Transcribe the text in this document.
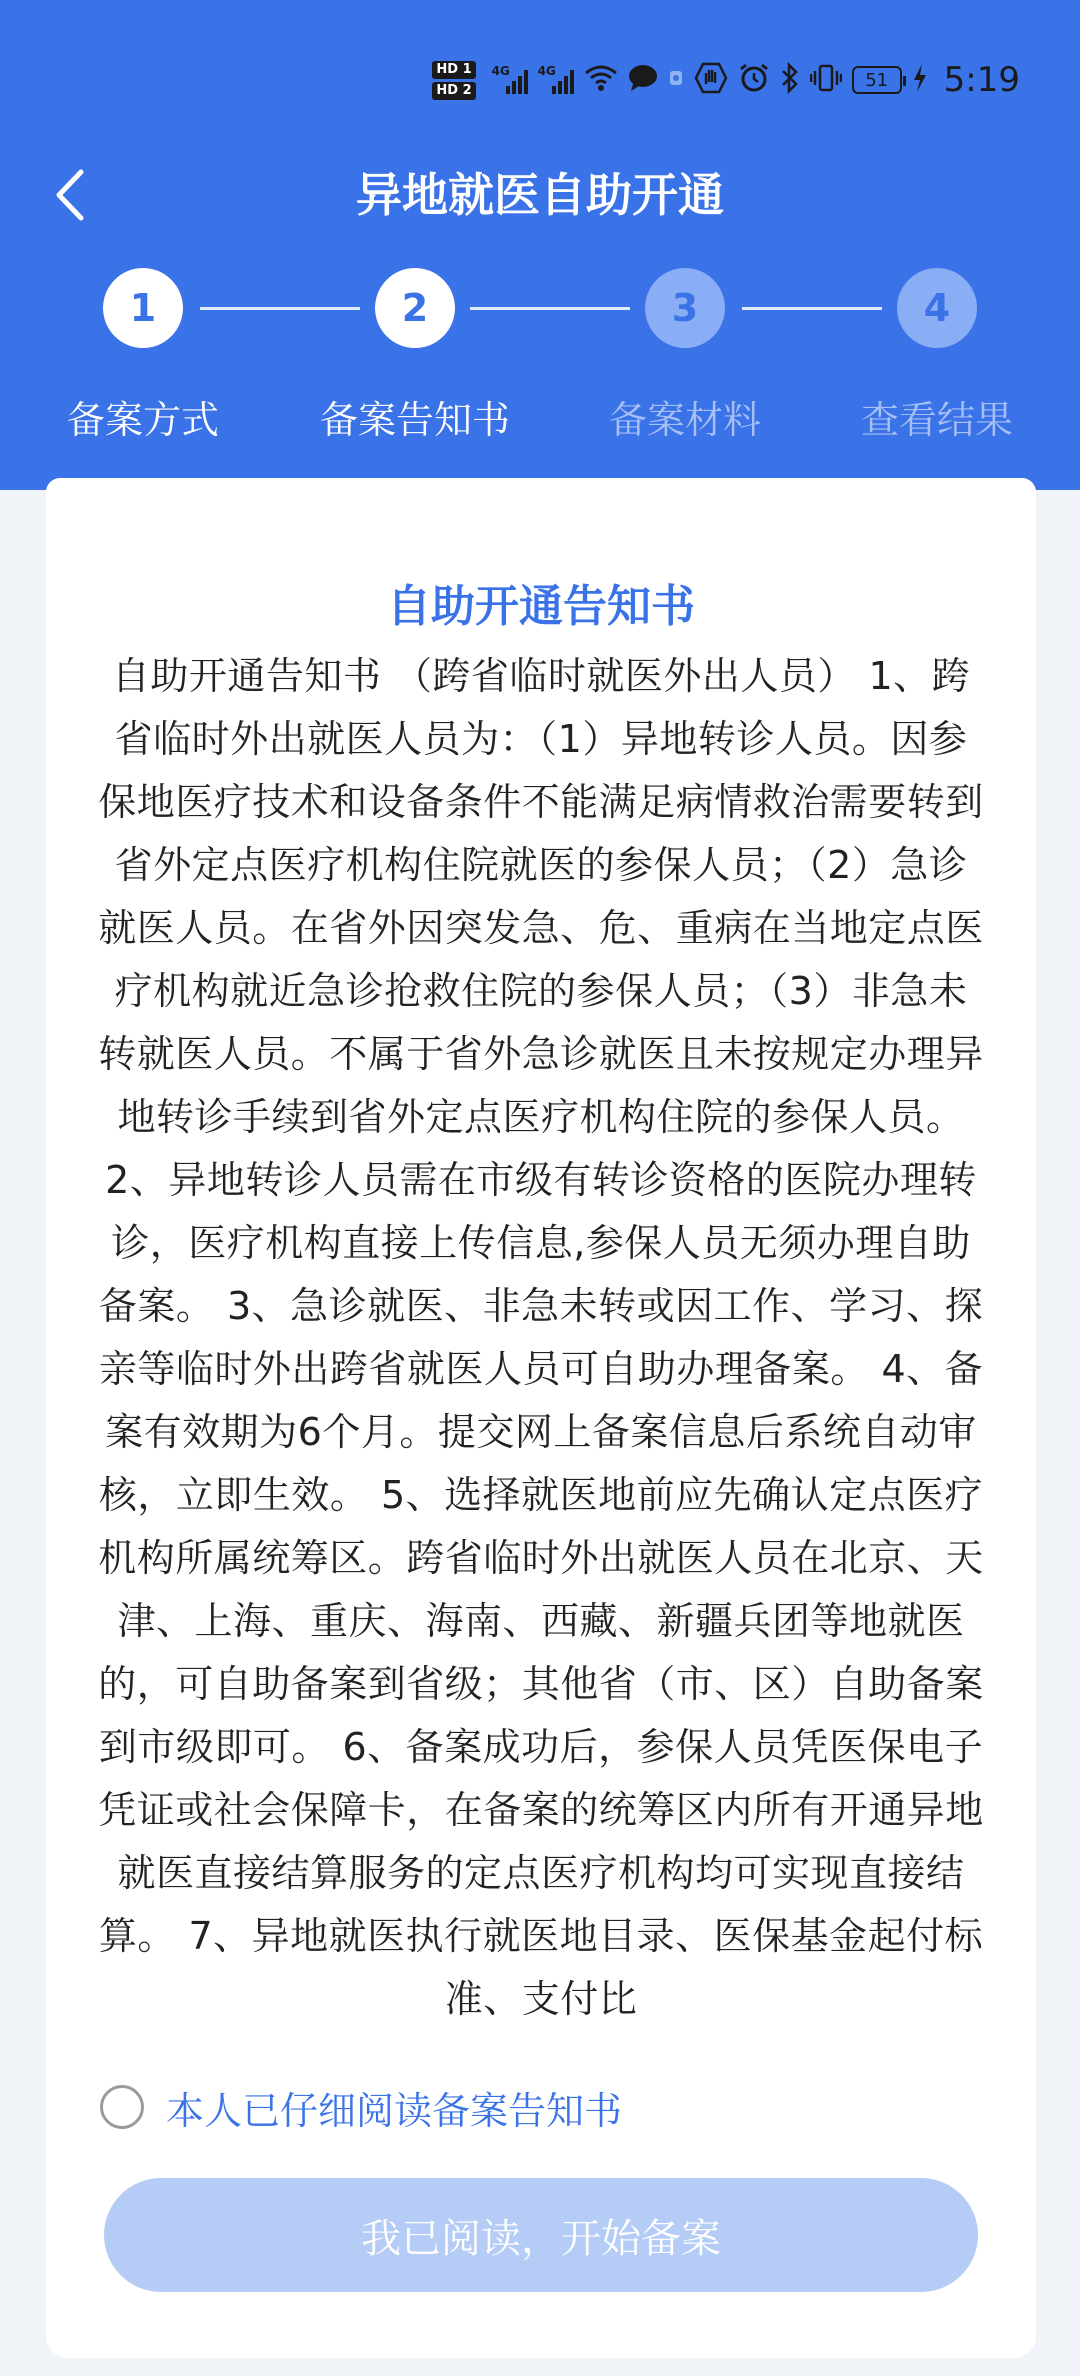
HD 1
HD 2
4G 4G	51	5:19
异地就医自助开通
1	2	3	4
备案方式	备案告知书	备案材料	查看结果
自助开通告知书
自助开通告知书 （跨省临时就医外出人员） 1、跨省临时外出就医人员为：（1）异地转诊人员。因参保地医疗技术和设备条件不能满足病情救治需要转到省外定点医疗机构住院就医的参保人员；（2）急诊就医人员。在省外因突发急、危、重病在当地定点医疗机构就近急诊抢救住院的参保人员；（3）非急未转就医人员。不属于省外急诊就医且未按规定办理异地转诊手续到省外定点医疗机构住院的参保人员。 2、异地转诊人员需在市级有转诊资格的医院办理转诊，医疗机构直接上传信息,参保人员无须办理自助备案。 3、急诊就医、非急未转或因工作、学习、探亲等临时外出跨省就医人员可自助办理备案。 4、备案有效期为6个月。提交网上备案信息后系统自动审核，立即生效。 5、选择就医地前应先确认定点医疗机构所属统筹区。跨省临时外出就医人员在北京、天津、上海、重庆、海南、西藏、新疆兵团等地就医的，可自助备案到省级；其他省（市、区）自助备案到市级即可。 6、备案成功后，参保人员凭医保电子凭证或社会保障卡，在备案的统筹区内所有开通异地就医直接结算服务的定点医疗机构均可实现直接结算。 7、异地就医执行就医地目录、医保基金起付标准、支付比
本人已仔细阅读备案告知书
我已阅读，开始备案
